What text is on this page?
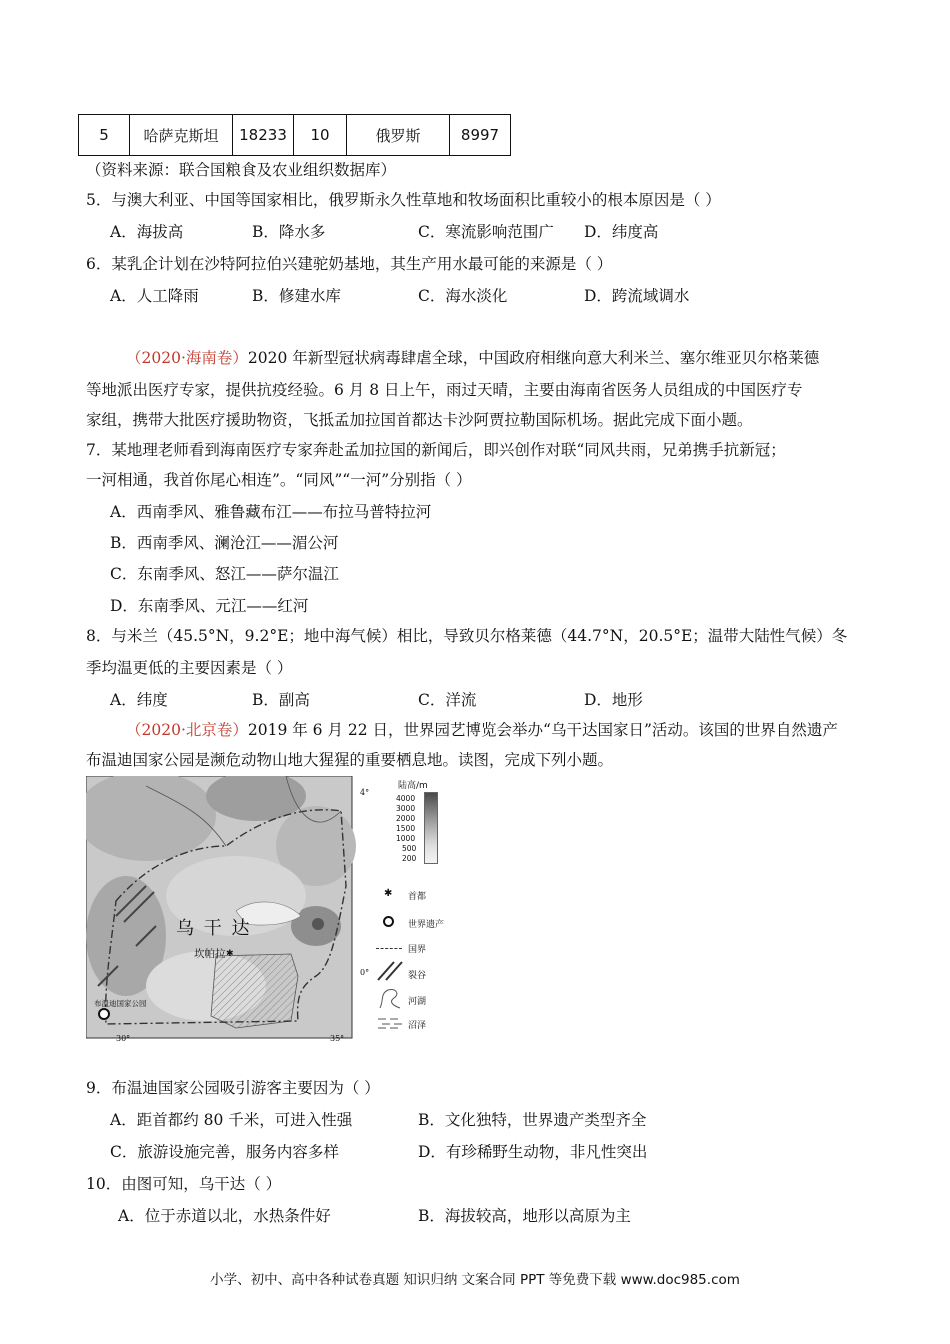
5	哈萨克斯坦	18233	10	俄罗斯	8997
（资料来源：联合国粮食及农业组织数据库）
5．与澳大利亚、中国等国家相比，俄罗斯永久性草地和牧场面积比重较小的根本原因是（ ）
A．海拔高	B．降水多	C．寒流影响范围广 D．纬度高
6．某乳企计划在沙特阿拉伯兴建驼奶基地，其生产用水最可能的来源是（ ）
A．人工降雨	B．修建水库	C．海水淡化	D．跨流域调水
（2020·海南卷）2020 年新型冠状病毒肆虐全球，中国政府相继向意大利米兰、塞尔维亚贝尔格莱德
等地派出医疗专家，提供抗疫经验。6 月 8 日上午，雨过天晴，主要由海南省医务人员组成的中国医疗专
家组，携带大批医疗援助物资，飞抵孟加拉国首都达卡沙阿贾拉勒国际机场。据此完成下面小题。
7．某地理老师看到海南医疗专家奔赴孟加拉国的新闻后，即兴创作对联“同风共雨，兄弟携手抗新冠；
一河相通，我首你尾心相连”。“同风”“一河”分别指（ ）
A．西南季风、雅鲁藏布江——布拉马普特拉河
B．西南季风、澜沧江——湄公河
C．东南季风、怒江——萨尔温江
D．东南季风、元江——红河
8．与米兰（45.5°N，9.2°E；地中海气候）相比，导致贝尔格莱德（44.7°N，20.5°E；温带大陆性气候）冬
季均温更低的主要因素是（ ）
A．纬度	B．副高	C．洋流	D．地形
（2020·北京卷）2019 年 6 月 22 日，世界园艺博览会举办“乌干达国家日”活动。该国的世界自然遗产
布温迪国家公园是濒危动物山地大猩猩的重要栖息地。读图，完成下列小题。
✱
乌 干 达
坎帕拉
布温迪国家公园
4°
0°
30°	35°
陆高/m
4000
3000
2000
1500
1000
500
200
✱ 首都
世界遗产
国界
裂谷
河湖
沼泽
9．布温迪国家公园吸引游客主要因为（ ）
A．距首都约 80 千米，可进入性强	B．文化独特，世界遗产类型齐全
C．旅游设施完善，服务内容多样	D．有珍稀野生动物，非凡性突出
10．由图可知，乌干达（ ）
A．位于赤道以北，水热条件好	B．海拔较高，地形以高原为主
小学、初中、高中各种试卷真题 知识归纳 文案合同 PPT 等免费下载 www.doc985.com
